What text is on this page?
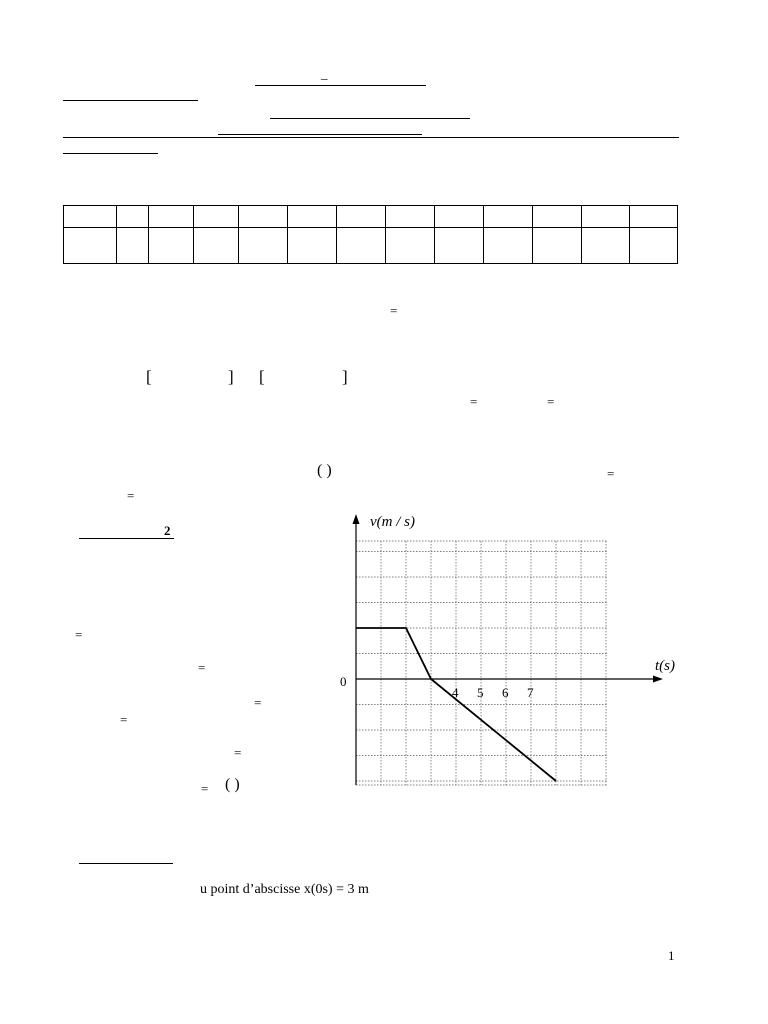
_

=
[	] [	]
=	=
( )	=
=
2
=
=
=
=
=
= ( )
v(m / s)
t(s)
0
4 5 6 7
u point d’abscisse x(0s) = 3 m
1
